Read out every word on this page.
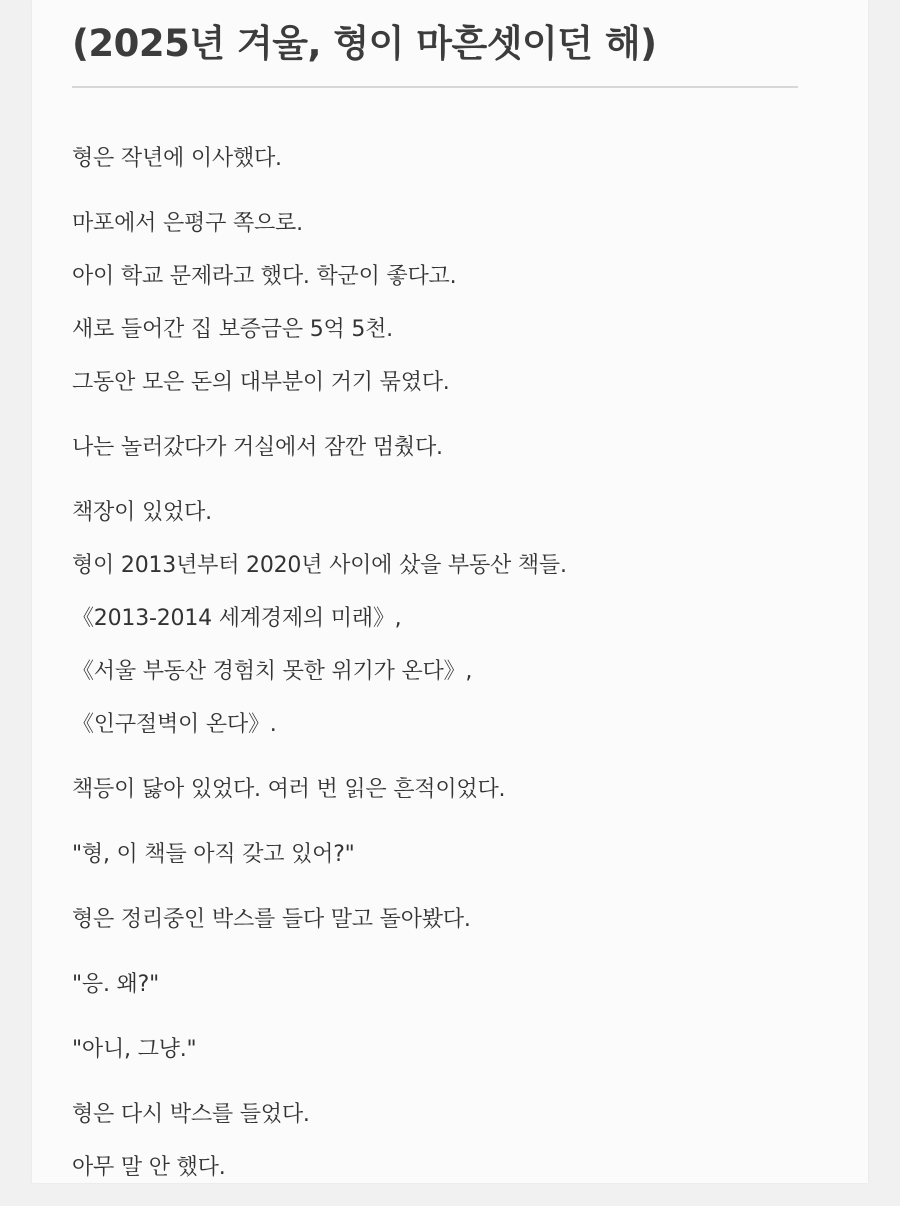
(2025년 겨울, 형이 마흔셋이던 해)
형은 작년에 이사했다.
마포에서 은평구 쪽으로.
아이 학교 문제라고 했다. 학군이 좋다고.
새로 들어간 집 보증금은 5억 5천.
그동안 모은 돈의 대부분이 거기 묶였다.
나는 놀러갔다가 거실에서 잠깐 멈췄다.
책장이 있었다.
형이 2013년부터 2020년 사이에 샀을 부동산 책들.
《2013-2014 세계경제의 미래》,
《서울 부동산 경험치 못한 위기가 온다》,
《인구절벽이 온다》.
책등이 닳아 있었다. 여러 번 읽은 흔적이었다.
"형, 이 책들 아직 갖고 있어?"
형은 정리중인 박스를 들다 말고 돌아봤다.
"응. 왜?"
"아니, 그냥."
형은 다시 박스를 들었다.
아무 말 안 했다.
